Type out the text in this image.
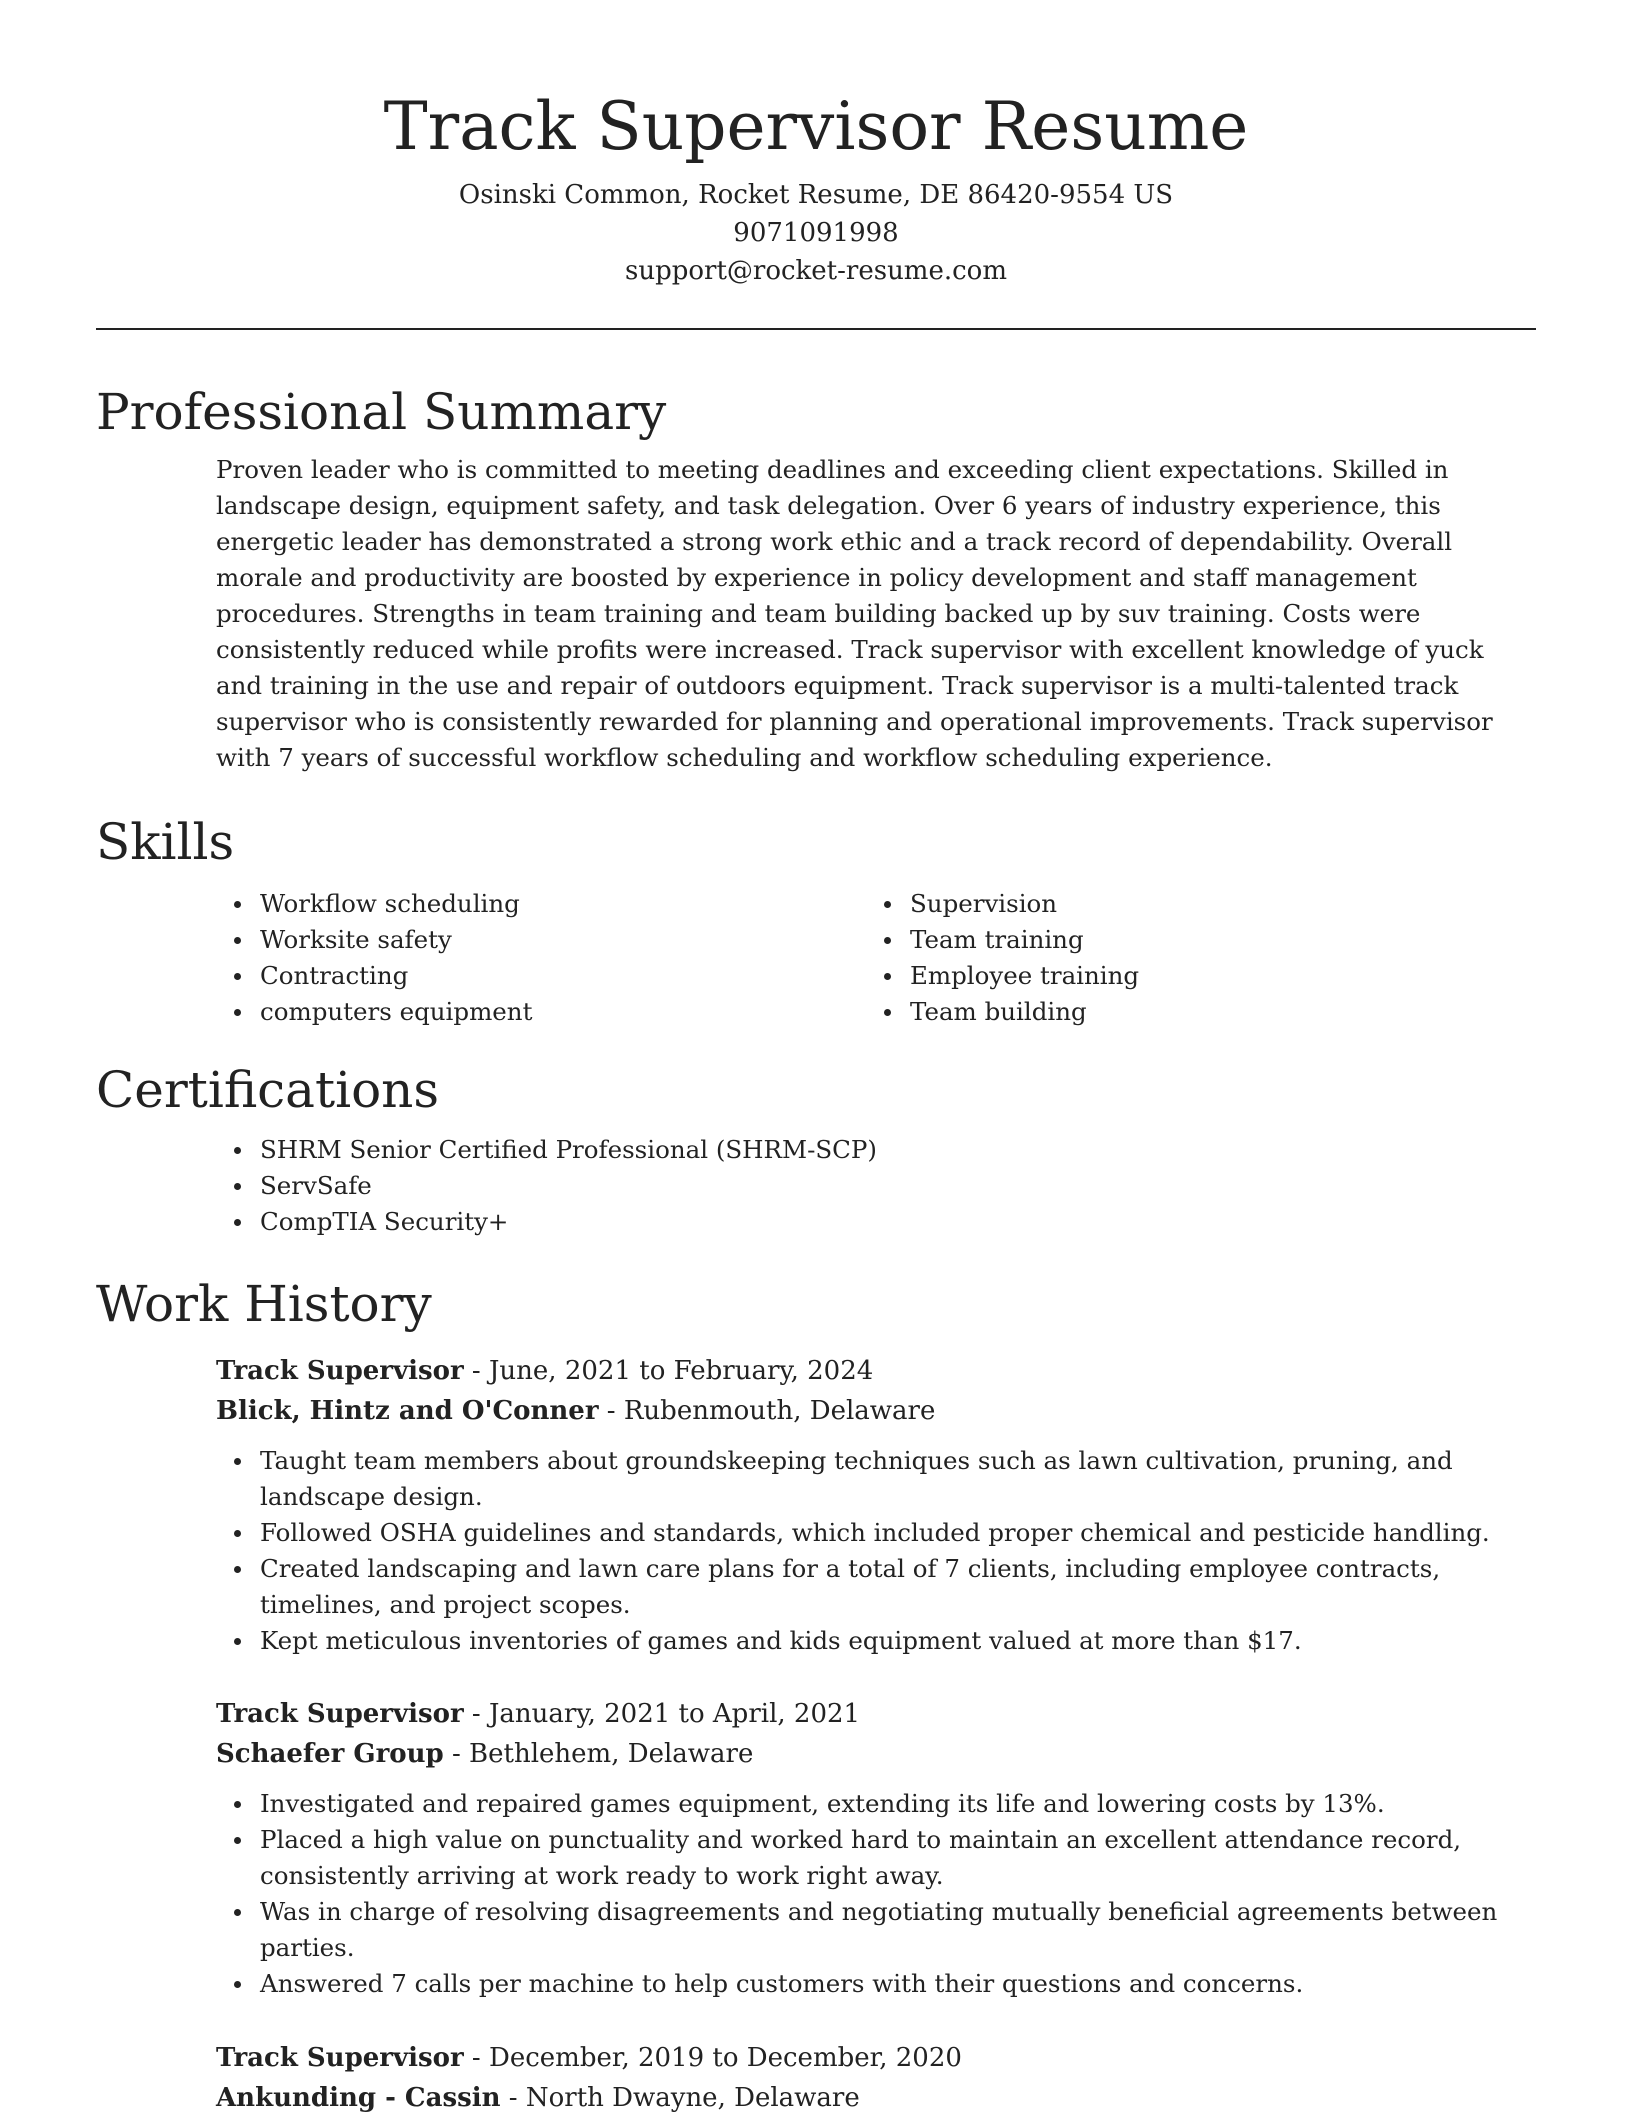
Track Supervisor Resume
Osinski Common, Rocket Resume, DE 86420-9554 US
9071091998
support@rocket-resume.com
Professional Summary

Proven leader who is committed to meeting deadlines and exceeding client expectations. Skilled in landscape design, equipment safety, and task delegation. Over 6 years of industry experience, this energetic leader has demonstrated a strong work ethic and a track record of dependability. Overall morale and productivity are boosted by experience in policy development and staff management procedures. Strengths in team training and team building backed up by suv training. Costs were consistently reduced while profits were increased. Track supervisor with excellent knowledge of yuck and training in the use and repair of outdoors equipment. Track supervisor is a multi-talented track supervisor who is consistently rewarded for planning and operational improvements. Track supervisor with 7 years of successful workflow scheduling and workflow scheduling experience.

Skills
Workflow scheduling
Worksite safety
Contracting
computers equipment
Supervision
Team training
Employee training
Team building
Certifications
SHRM Senior Certified Professional (SHRM-SCP)
ServSafe
CompTIA Security+
Work History
Track Supervisor - June, 2021 to February, 2024
Blick, Hintz and O'Conner - Rubenmouth, Delaware
Taught team members about groundskeeping techniques such as lawn cultivation, pruning, and landscape design.
Followed OSHA guidelines and standards, which included proper chemical and pesticide handling.
Created landscaping and lawn care plans for a total of 7 clients, including employee contracts, timelines, and project scopes.
Kept meticulous inventories of games and kids equipment valued at more than $17.
Track Supervisor - January, 2021 to April, 2021
Schaefer Group - Bethlehem, Delaware
Investigated and repaired games equipment, extending its life and lowering costs by 13%.
Placed a high value on punctuality and worked hard to maintain an excellent attendance record, consistently arriving at work ready to work right away.
Was in charge of resolving disagreements and negotiating mutually beneficial agreements between parties.
Answered 7 calls per machine to help customers with their questions and concerns.
Track Supervisor - December, 2019 to December, 2020
Ankunding - Cassin - North Dwayne, Delaware
